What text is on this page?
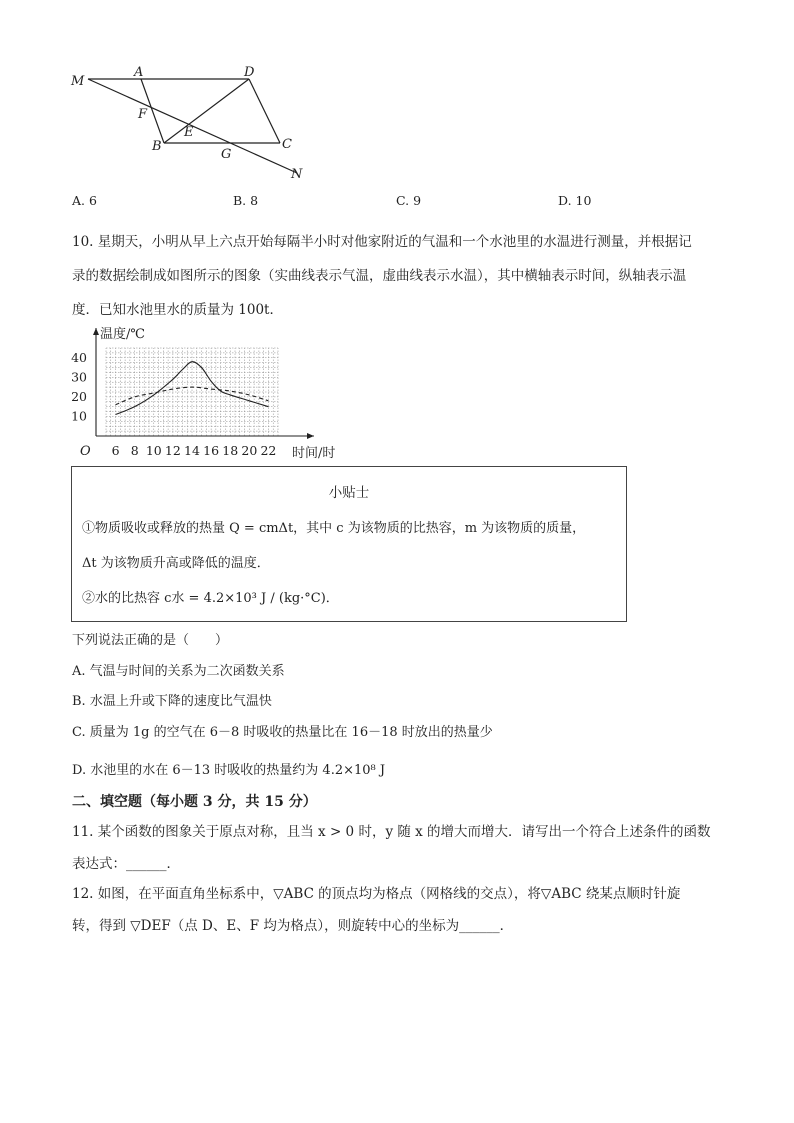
M
A	D
F
E
B
G
C
N
A. 6	B. 8	C. 9	D. 10
10. 星期天，小明从早上六点开始每隔半小时对他家附近的气温和一个水池里的水温进行测量，并根据记
录的数据绘制成如图所示的图象（实曲线表示气温，虚曲线表示水温），其中横轴表示时间，纵轴表示温
度．已知水池里水的质量为 100t．
6 8 10 12 14 16 18 20 22
10
20
30
40
温度/℃
时间/时
O
小贴士
①物质吸收或释放的热量 Q = cmΔt，其中 c 为该物质的比热容，m 为该物质的质量，
Δt 为该物质升高或降低的温度．
②水的比热容 c水 = 4.2×10³ J / (kg·°C)．
下列说法正确的是（　　）
A. 气温与时间的关系为二次函数关系
B. 水温上升或下降的速度比气温快
C. 质量为 1g 的空气在 6－8 时吸收的热量比在 16－18 时放出的热量少
D. 水池里的水在 6－13 时吸收的热量约为 4.2×10⁸ J
二、填空题（每小题 3 分，共 15 分）
11. 某个函数的图象关于原点对称，且当 x > 0 时，y 随 x 的增大而增大．请写出一个符合上述条件的函数
表达式：______．
12. 如图，在平面直角坐标系中，▽ABC 的顶点均为格点（网格线的交点），将▽ABC 绕某点顺时针旋
转，得到 ▽DEF（点 D、E、F 均为格点），则旋转中心的坐标为______．
